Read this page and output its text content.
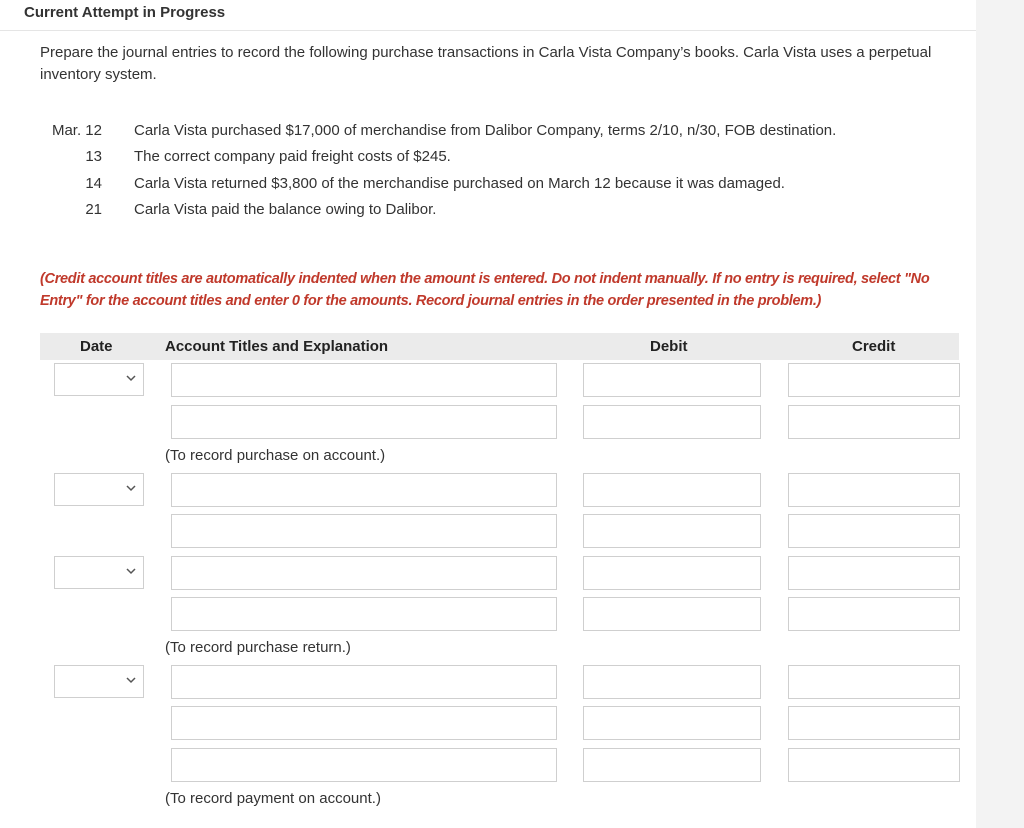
Current Attempt in Progress
Prepare the journal entries to record the following purchase transactions in Carla Vista Company’s books. Carla Vista uses a perpetual inventory system.
Mar. 12 Carla Vista purchased $17,000 of merchandise from Dalibor Company, terms 2/10, n/30, FOB destination.
13 The correct company paid freight costs of $245.
14 Carla Vista returned $3,800 of the merchandise purchased on March 12 because it was damaged.
21 Carla Vista paid the balance owing to Dalibor.
(Credit account titles are automatically indented when the amount is entered. Do not indent manually. If no entry is required, select "No Entry" for the account titles and enter 0 for the amounts. Record journal entries in the order presented in the problem.)
Date	Account Titles and Explanation	Debit	Credit
(To record purchase on account.)
(To record purchase return.)
(To record payment on account.)
